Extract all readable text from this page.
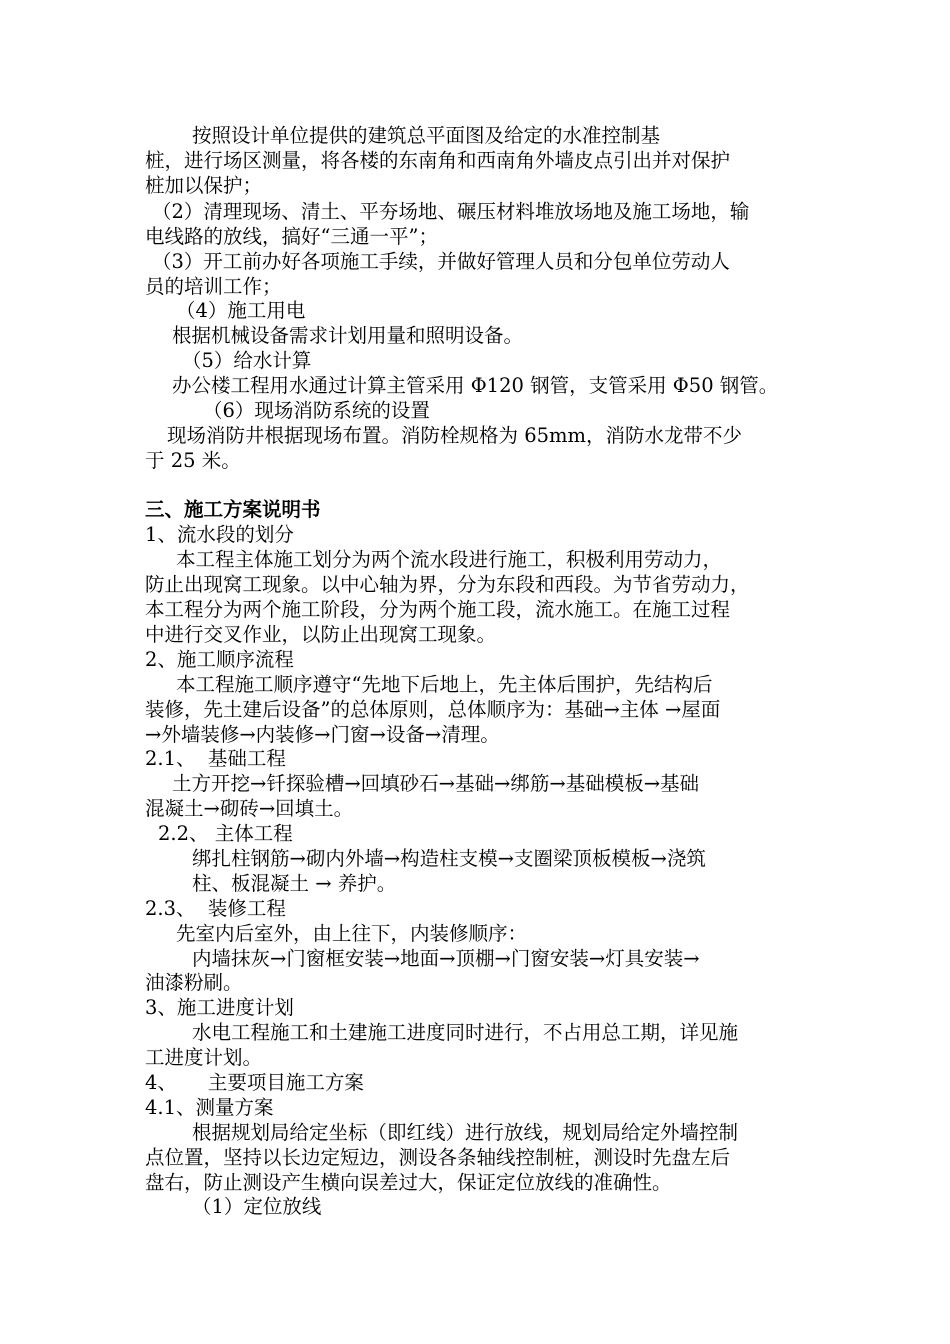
按照设计单位提供的建筑总平面图及给定的水准控制基
桩，进行场区测量，将各楼的东南角和西南角外墙皮点引出并对保护
桩加以保护；
（2）清理现场、清土、平夯场地、碾压材料堆放场地及施工场地，输
电线路的放线，搞好“三通一平”；
（3）开工前办好各项施工手续，并做好管理人员和分包单位劳动人
员的培训工作；
（4）施工用电
根据机械设备需求计划用量和照明设备。
（5）给水计算
办公楼工程用水通过计算主管采用 Φ120 钢管，支管采用 Φ50 钢管。
（6）现场消防系统的设置
现场消防井根据现场布置。消防栓规格为 65mm，消防水龙带不少
于 25 米。
三、施工方案说明书
1、流水段的划分
本工程主体施工划分为两个流水段进行施工，积极利用劳动力，
防止出现窝工现象。以中心轴为界，分为东段和西段。为节省劳动力，
本工程分为两个施工阶段，分为两个施工段，流水施工。在施工过程
中进行交叉作业，以防止出现窝工现象。
2、施工顺序流程
本工程施工顺序遵守“先地下后地上，先主体后围护，先结构后
装修，先土建后设备”的总体原则，总体顺序为：基础→主体 →屋面
→外墙装修→内装修→门窗→设备→清理。
2.1、  基础工程
土方开挖→钎探验槽→回填砂石→基础→绑筋→基础模板→基础
混凝土→砌砖→回填土。
2.2、 主体工程
绑扎柱钢筋→砌内外墙→构造柱支模→支圈梁顶板模板→浇筑
柱、板混凝土 → 养护。
2.3、  装修工程
先室内后室外，由上往下，内装修顺序：
内墙抹灰→门窗框安装→地面→顶棚→门窗安装→灯具安装→
油漆粉刷。
3、施工进度计划
水电工程施工和土建施工进度同时进行，不占用总工期，详见施
工进度计划。
4、     主要项目施工方案
4.1、测量方案
根据规划局给定坐标（即红线）进行放线，规划局给定外墙控制
点位置，坚持以长边定短边，测设各条轴线控制桩，测设时先盘左后
盘右，防止测设产生横向误差过大，保证定位放线的准确性。
（1）定位放线
